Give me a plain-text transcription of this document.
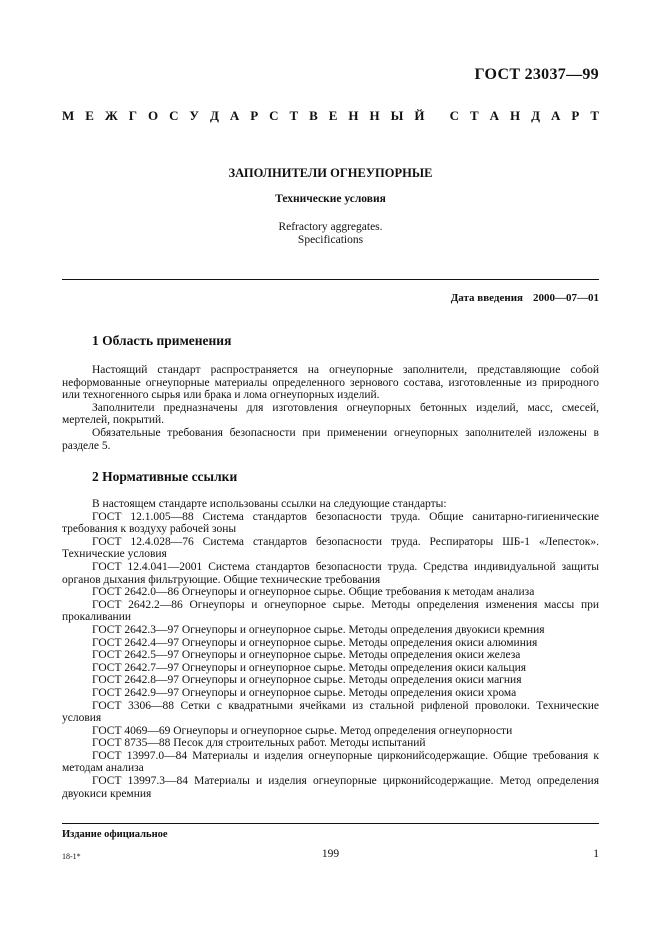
ГОСТ 23037—99
М Е Ж Г О С У Д А Р С Т В Е Н Н Ы Й
С Т А Н Д А Р Т
ЗАПОЛНИТЕЛИ ОГНЕУПОРНЫЕ
Технические условия
Refractory aggregates.
Specifications
Дата введения 2000—07—01
1 Область применения

Настоящий стандарт распространяется на огнеупорные заполнители, представляющие собой неформованные огнеупорные материалы определенного зернового состава, изготовленные из природного или техногенного сырья или брака и лома огнеупорных изделий.

Заполнители предназначены для изготовления огнеупорных бетонных изделий, масс, смесей, мертелей, покрытий.

Обязательные требования безопасности при применении огнеупорных заполнителей изложены в разделе 5.

2 Нормативные ссылки

В настоящем стандарте использованы ссылки на следующие стандарты:

ГОСТ 12.1.005—88 Система стандартов безопасности труда. Общие санитарно-гигиенические требования к воздуху рабочей зоны

ГОСТ 12.4.028—76 Система стандартов безопасности труда. Респираторы ШБ-1 «Лепесток». Технические условия

ГОСТ 12.4.041—2001 Система стандартов безопасности труда. Средства индивидуальной защиты органов дыхания фильтрующие. Общие технические требования

ГОСТ 2642.0—86 Огнеупоры и огнеупорное сырье. Общие требования к методам анализа

ГОСТ 2642.2—86 Огнеупоры и огнеупорное сырье. Методы определения изменения массы при прокаливании

ГОСТ 2642.3—97 Огнеупоры и огнеупорное сырье. Методы определения двуокиси кремния

ГОСТ 2642.4—97 Огнеупоры и огнеупорное сырье. Методы определения окиси алюминия

ГОСТ 2642.5—97 Огнеупоры и огнеупорное сырье. Методы определения окиси железа

ГОСТ 2642.7—97 Огнеупоры и огнеупорное сырье. Методы определения окиси кальция

ГОСТ 2642.8—97 Огнеупоры и огнеупорное сырье. Методы определения окиси магния

ГОСТ 2642.9—97 Огнеупоры и огнеупорное сырье. Методы определения окиси хрома

ГОСТ 3306—88 Сетки с квадратными ячейками из стальной рифленой проволоки. Технические условия

ГОСТ 4069—69 Огнеупоры и огнеупорное сырье. Метод определения огнеупорности

ГОСТ 8735—88 Песок для строительных работ. Методы испытаний

ГОСТ 13997.0—84 Материалы и изделия огнеупорные цирконийсодержащие. Общие требования к методам анализа

ГОСТ 13997.3—84 Материалы и изделия огнеупорные цирконийсодержащие. Метод определения двуокиси кремния

Издание официальное
18-1*	199	1
